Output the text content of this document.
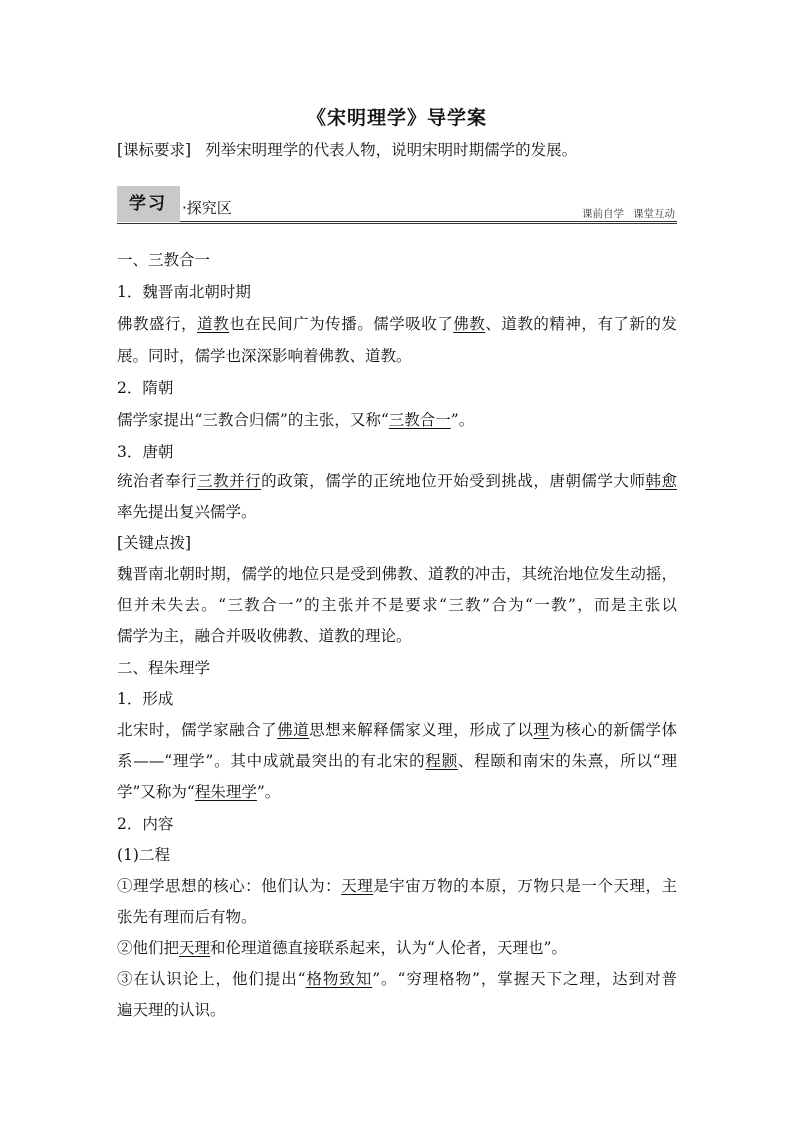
《宋明理学》导学案
[课标要求] 列举宋明理学的代表人物，说明宋明时期儒学的发展。
学习	·探究区	课前自学 课堂互动
一、三教合一
1．魏晋南北朝时期
佛教盛行，道教也在民间广为传播。儒学吸收了佛教、道教的精神，有了新的发
展。同时，儒学也深深影响着佛教、道教。
2．隋朝
儒学家提出“三教合归儒”的主张，又称“三教合一”。
3．唐朝
统治者奉行三教并行的政策，儒学的正统地位开始受到挑战，唐朝儒学大师韩愈
率先提出复兴儒学。
[关键点拨]
魏晋南北朝时期，儒学的地位只是受到佛教、道教的冲击，其统治地位发生动摇，
但并未失去。“三教合一”的主张并不是要求“三教”合为“一教”，而是主张以
儒学为主，融合并吸收佛教、道教的理论。
二、程朱理学
1．形成
北宋时，儒学家融合了佛道思想来解释儒家义理，形成了以理为核心的新儒学体
系——“理学”。其中成就最突出的有北宋的程颢、程颐和南宋的朱熹，所以“理
学”又称为“程朱理学”。
2．内容
(1)二程
①理学思想的核心：他们认为：天理是宇宙万物的本原，万物只是一个天理，主
张先有理而后有物。
②他们把天理和伦理道德直接联系起来，认为“人伦者，天理也”。
③在认识论上，他们提出“格物致知”。“穷理格物”，掌握天下之理，达到对普
遍天理的认识。
